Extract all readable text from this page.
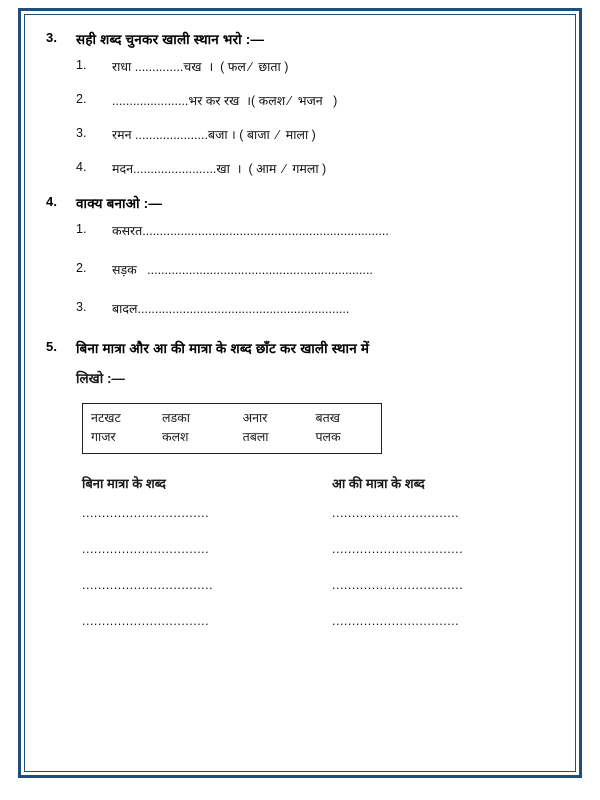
3.	सही शब्द चुनकर खाली स्थान भरो :—
1.	राधा ..............चख  ।  ( फल ⁄  छाता )
2.	......................भर कर रख  ।( कलश ⁄  भजन   )
3.	रमन .....................बजा । ( बाजा  ⁄  माला )
4.	मदन........................खा  ।  ( आम  ⁄  गमला )
4.	वाक्य बनाओ :—
1.	कसरत.......................................................................
2.	सड़क   .................................................................
3.	बादल.............................................................
5.	बिना मात्रा और आ की मात्रा के शब्द छाँट कर खाली स्थान में
लिखो :—
नटखट	लडका	अनार	बतख
गाजर	कलश	तबला	पलक
बिना मात्रा के शब्द	आ की मात्रा के शब्द
................................	................................
................................	.................................
.................................	.................................
................................	................................
